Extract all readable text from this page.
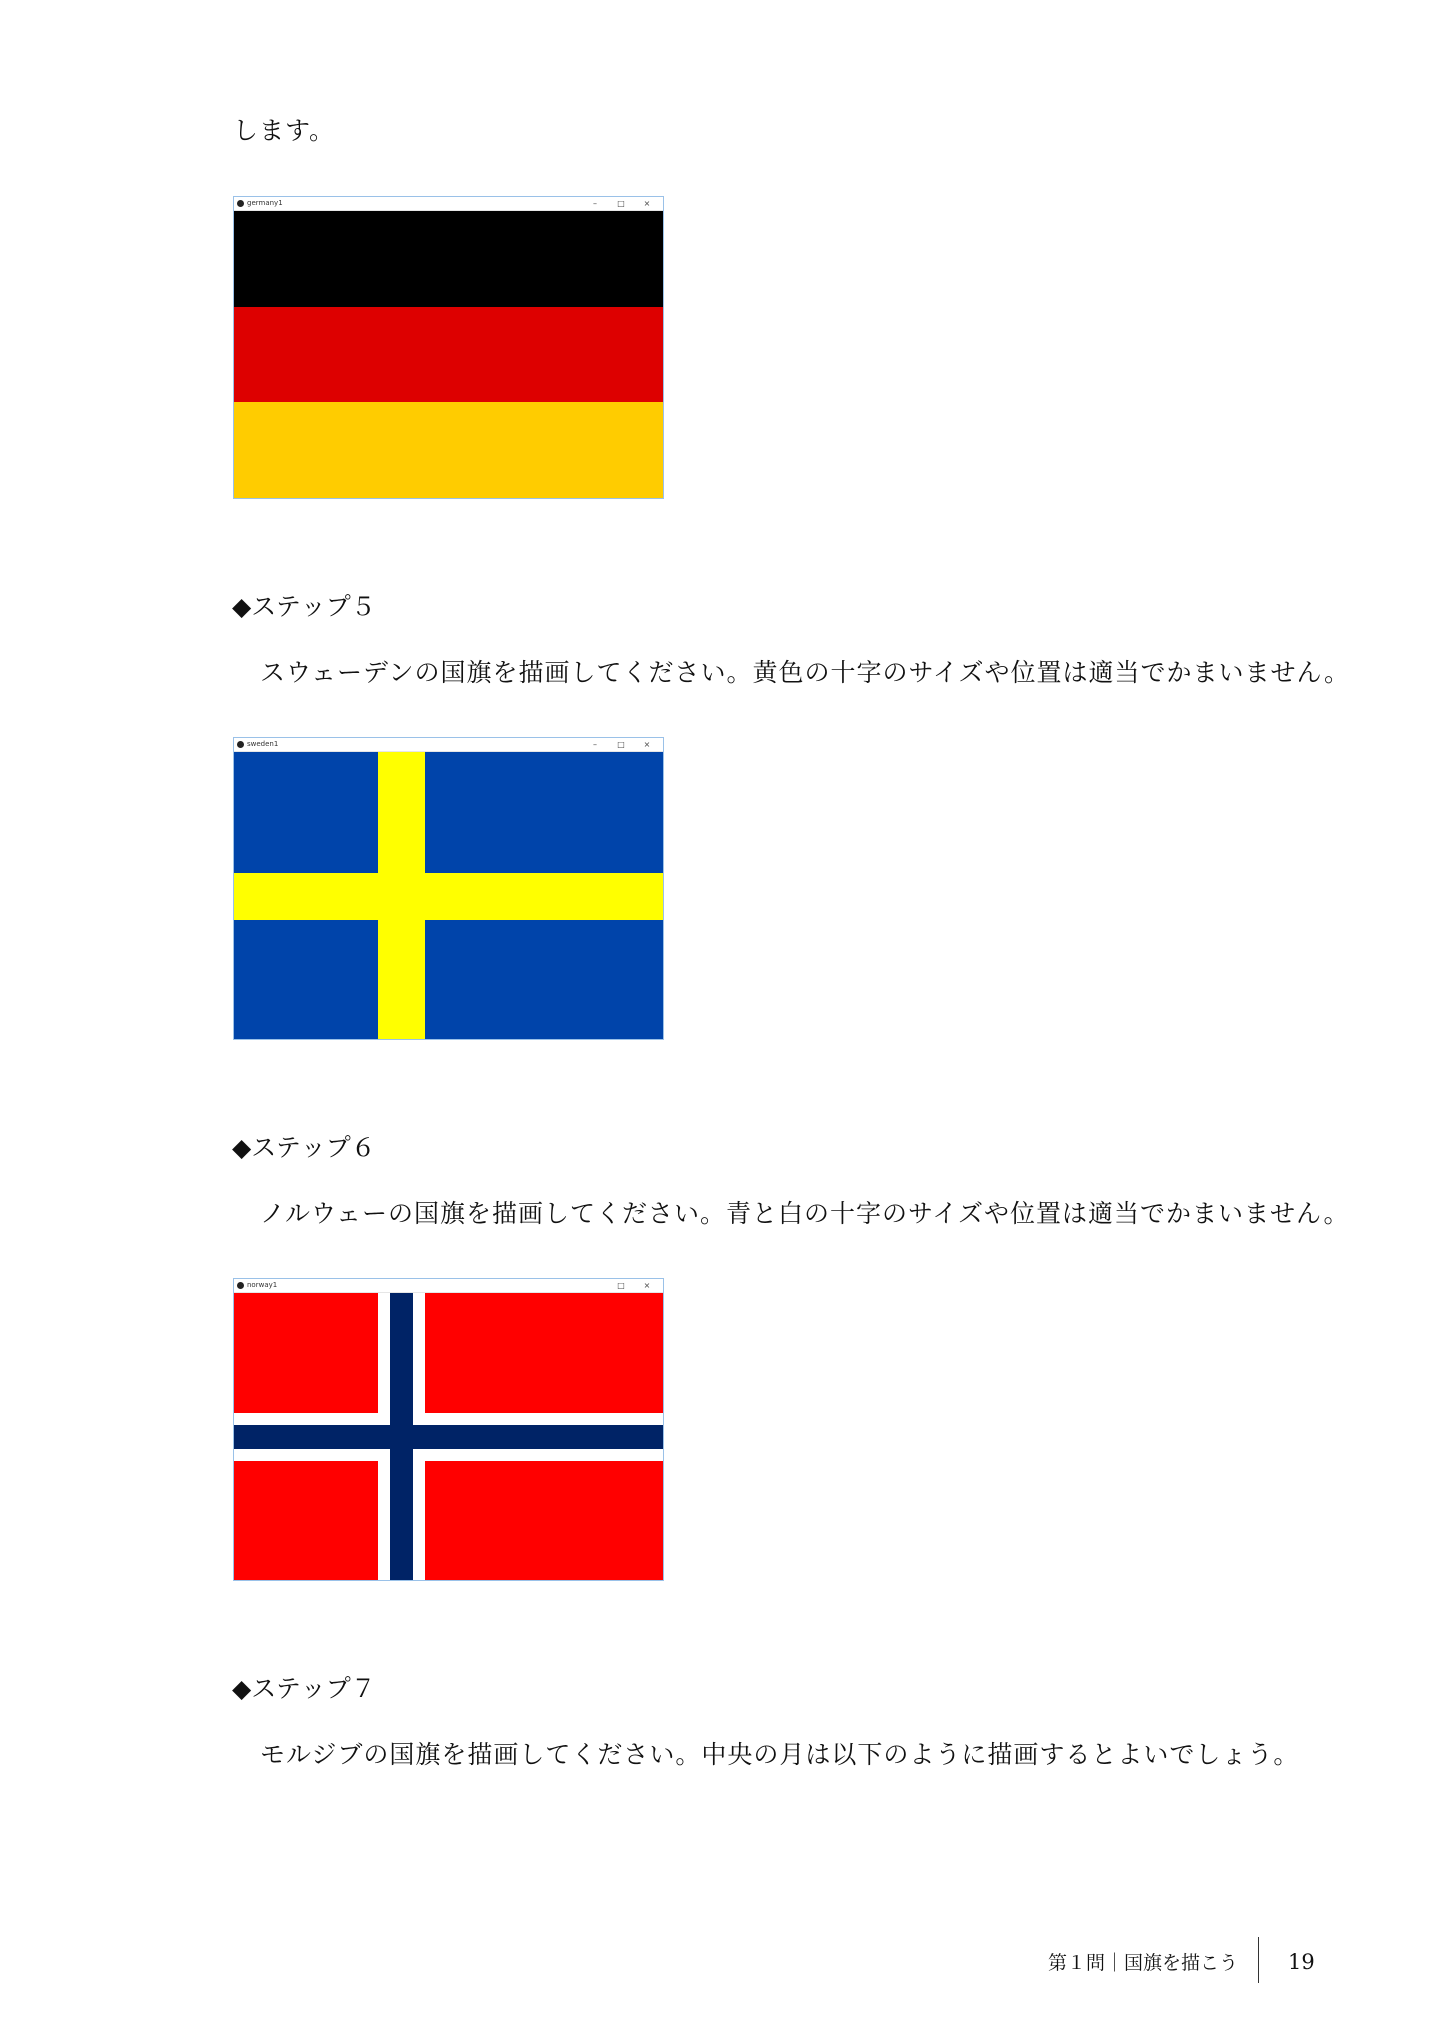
します。
germany1	–	□	×
◆ステップ５
スウェーデンの国旗を描画してください。黄色の十字のサイズや位置は適当でかまいません。
sweden1	–	□	×
◆ステップ６
ノルウェーの国旗を描画してください。青と白の十字のサイズや位置は適当でかまいません。
norway1	□	×
◆ステップ７
モルジブの国旗を描画してください。中央の月は以下のように描画するとよいでしょう。
第１問｜国旗を描こう 19
